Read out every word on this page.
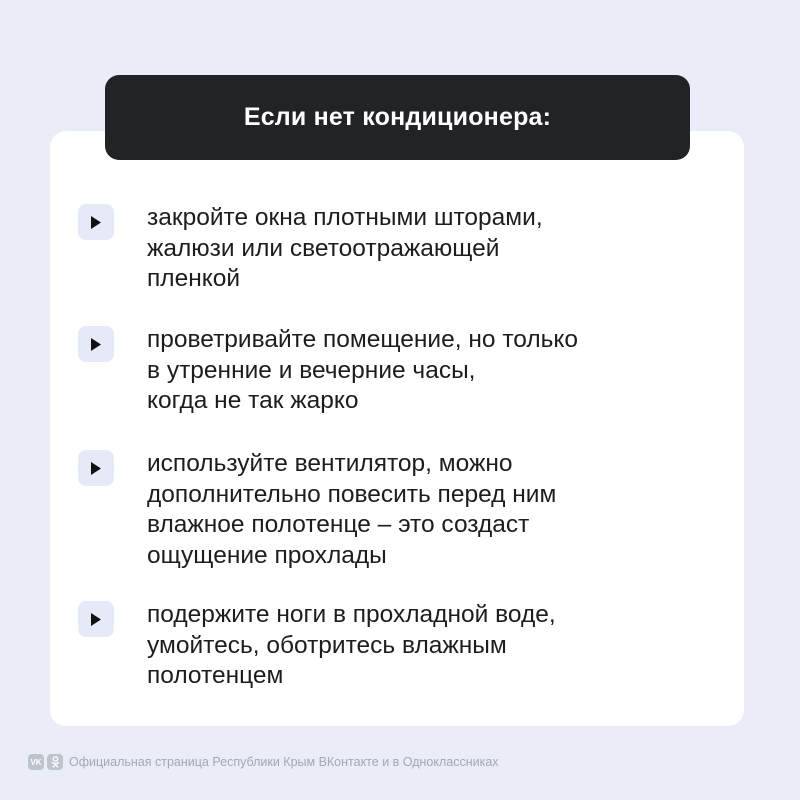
Если нет кондиционера:
закройте окна плотными шторами,
жалюзи или светоотражающей
пленкой
проветривайте помещение, но только
в утренние и вечерние часы,
когда не так жарко
используйте вентилятор, можно
дополнительно повесить перед ним
влажное полотенце – это создаст
ощущение прохлады
подержите ноги в прохладной воде,
умойтесь, оботритесь влажным
полотенцем
VK Официальная страница Республики Крым ВКонтакте и в Одноклассниках
